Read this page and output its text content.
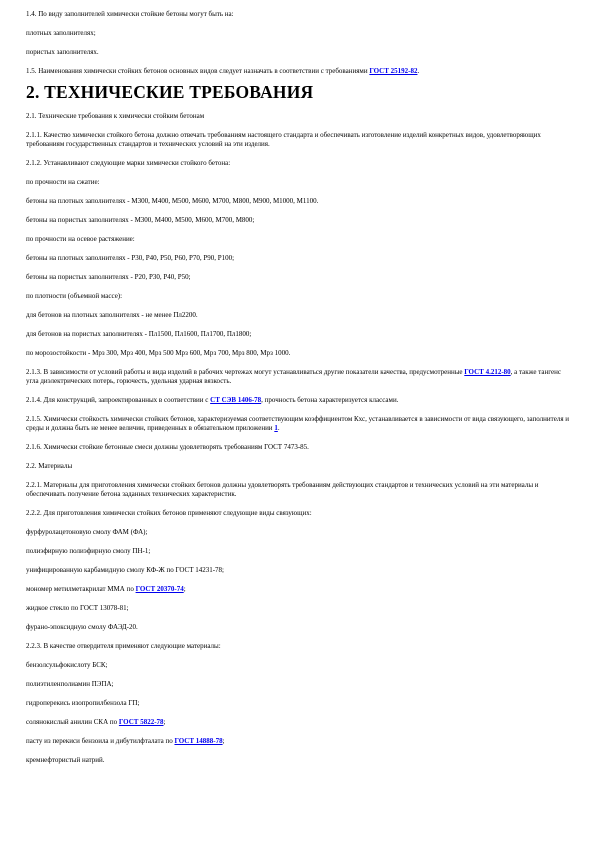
1.4. По виду заполнителей химически стойкие бетоны могут быть на:

плотных заполнителях;

пористых заполнителях.

1.5. Наименования химически стойких бетонов основных видов следует назначать в соответствии с требованиями ГОСТ 25192-82.

2. ТЕХНИЧЕСКИЕ ТРЕБОВАНИЯ

2.1. Технические требования к химически стойким бетонам

2.1.1. Качество химически стойкого бетона должно отвечать требованиям настоящего стандарта и обеспечивать изготовление изделий конкретных видов, удовлетворяющих требованиям государственных стандартов и технических условий на эти изделия.

2.1.2. Устанавливают следующие марки химически стойкого бетона:

по прочности на сжатие:

бетоны на плотных заполнителях - М300, М400, М500, М600, М700, М800, М900, М1000, М1100.

бетоны на пористых заполнителях - М300, М400, М500, М600, М700, М800;

по прочности на осевое растяжение:

бетоны на плотных заполнителях - Р30, Р40, Р50, Р60, Р70, Р90, Р100;

бетоны на пористых заполнителях - Р20, Р30, Р40, Р50;

по плотности (объемной массе):

для бетонов на плотных заполнителях - не менее Пл2200.

для бетонов на пористых заполнителях - Пл1500, Пл1600, Пл1700, Пл1800;

по морозостойкости - Мрз 300, Мрз 400, Мрз 500 Мрз 600, Мрз 700, Мрз 800, Мрз 1000.

2.1.3. В зависимости от условий работы и вида изделий в рабочих чертежах могут устанавливаться другие показатели качества, предусмотренные ГОСТ 4.212-80, а также тангенс угла диэлектрических потерь, горючесть, удельная ударная вязкость.

2.1.4. Для конструкций, запроектированных в соответствии с СТ СЭВ 1406-78, прочность бетона характеризуется классами.

2.1.5. Химически стойкость химически стойких бетонов, характеризуемая соответствующим коэффициентом Кхс, устанавливается в зависимости от вида связующего, заполнителя и среды и должна быть не менее величин, приведенных в обязательном приложении 1.

2.1.6. Химически стойкие бетонные смеси должны удовлетворять требованиям ГОСТ 7473-85.

2.2. Материалы

2.2.1. Материалы для приготовления химически стойких бетонов должны удовлетворять требованиям действующих стандартов и технических условий на эти материалы и обеспечивать получение бетона заданных технических характеристик.

2.2.2. Для приготовления химически стойких бетонов применяют следующие виды связующих:

фурфуролацетоновую смолу ФАМ (ФА);

полиэфирную полиэфирную смолу ПН-1;

унифицированную карбамидную смолу КФ-Ж по ГОСТ 14231-78;

мономер метилметакрилат ММА по ГОСТ 20370-74;

жидкое стекло по ГОСТ 13078-81;

фурано-эпоксидную смолу ФАЭД-20.

2.2.3. В качестве отвердителя применяют следующие материалы:

бензолсульфокислоту БСК;

полиэтиленполиамин ПЭПА;

гидроперекись изопропилбензола ГП;

солянокислый анилин СКА по ГОСТ 5822-78;

пасту из перекиси бензоила и дибутилфталата по ГОСТ 14888-78;

кремнефтористый натрий.
